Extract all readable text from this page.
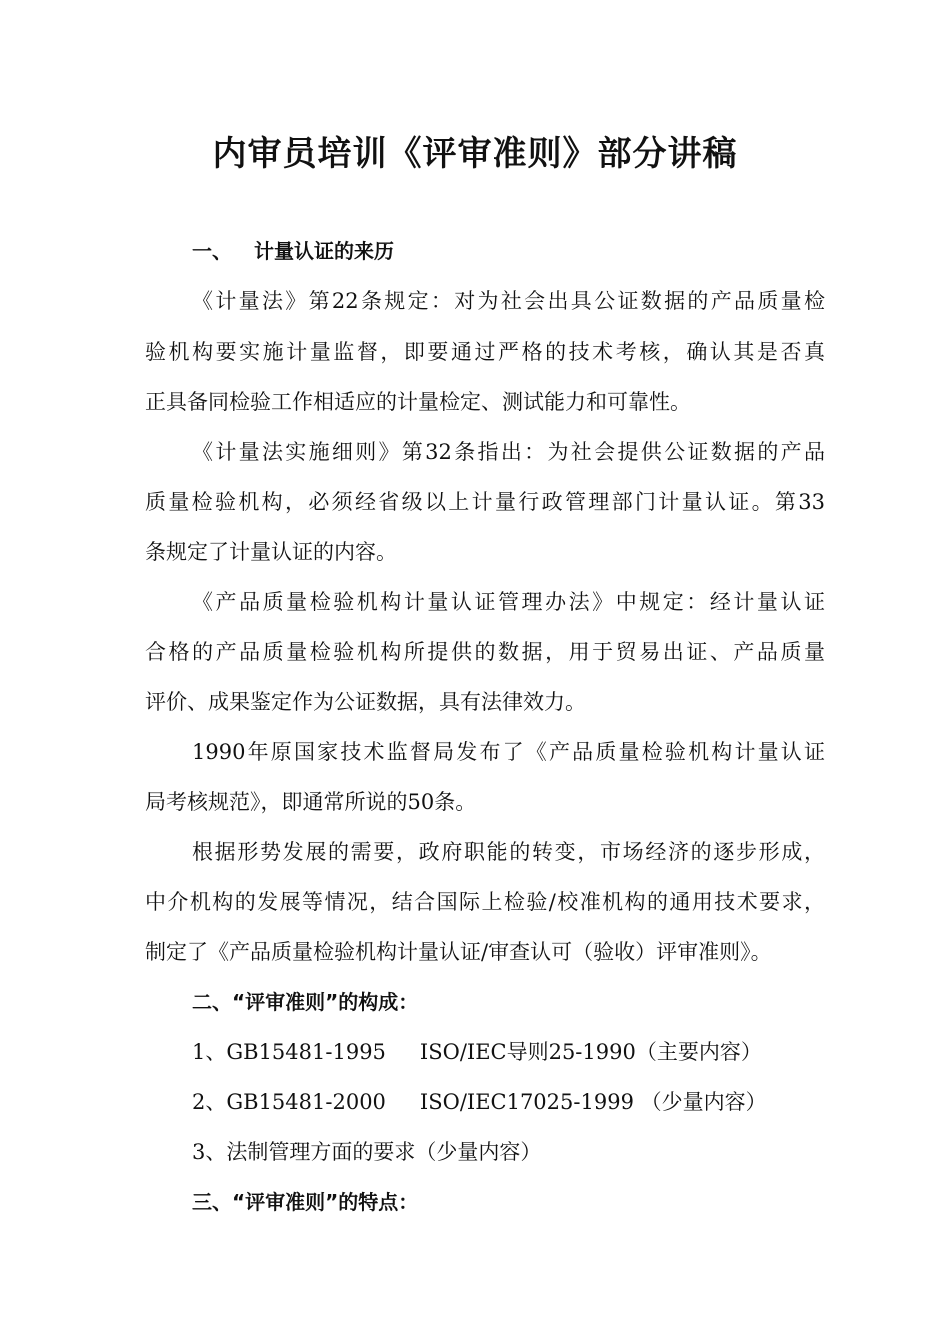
内审员培训《评审准则》部分讲稿
一、 计量认证的来历

《计量法》第22条规定：对为社会出具公证数据的产品质量检

验机构要实施计量监督，即要通过严格的技术考核，确认其是否真

正具备同检验工作相适应的计量检定、测试能力和可靠性。

《计量法实施细则》第32条指出：为社会提供公证数据的产品

质量检验机构，必须经省级以上计量行政管理部门计量认证。第33

条规定了计量认证的内容。

《产品质量检验机构计量认证管理办法》中规定：经计量认证

合格的产品质量检验机构所提供的数据，用于贸易出证、产品质量

评价、成果鉴定作为公证数据，具有法律效力。

1990年原国家技术监督局发布了《产品质量检验机构计量认证

局考核规范》，即通常所说的50条。

根据形势发展的需要，政府职能的转变，市场经济的逐步形成，

中介机构的发展等情况，结合国际上检验/校准机构的通用技术要求，

制定了《产品质量检验机构计量认证/审查认可（验收）评审准则》。

二、“评审准则”的构成：
1、GB15481-1995 ISO/IEC导则25-1990（主要内容）
2、GB15481-2000 ISO/IEC17025-1999 （少量内容）
3、法制管理方面的要求（少量内容）
三、“评审准则”的特点：
